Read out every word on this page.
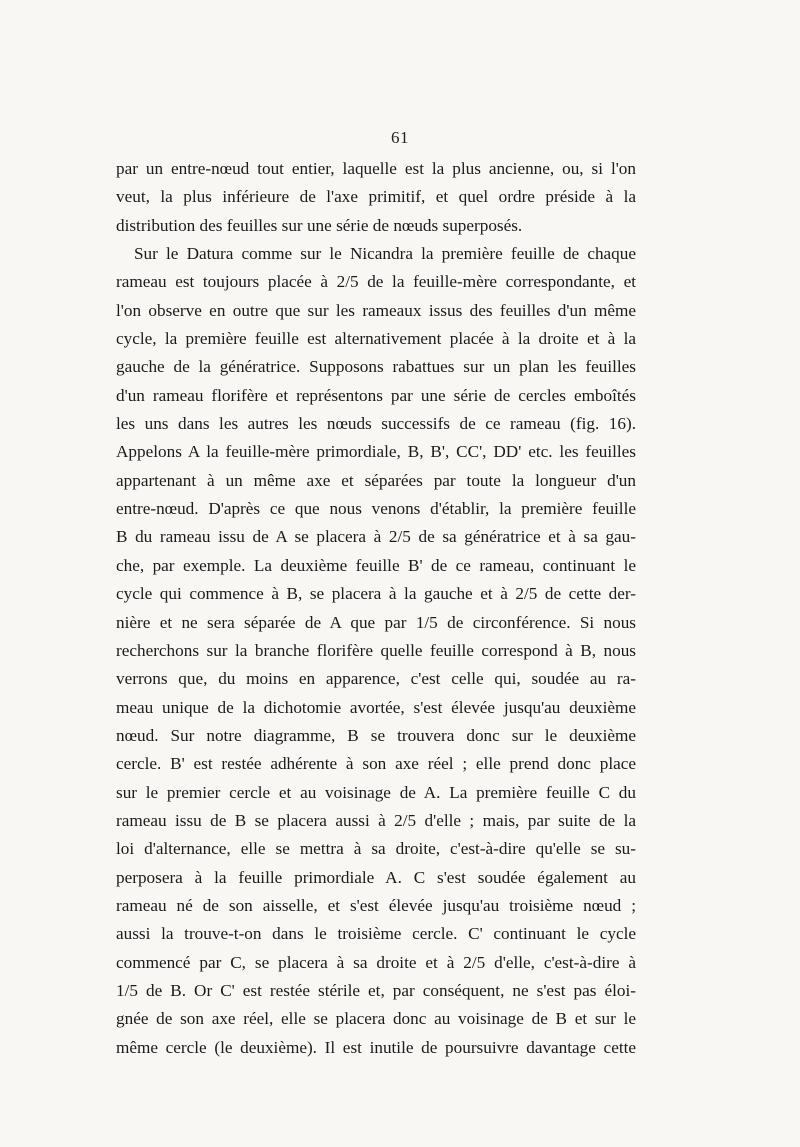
61
par un entre-nœud tout entier, laquelle est la plus ancienne, ou, si l'on
veut, la plus inférieure de l'axe primitif, et quel ordre préside à la
distribution des feuilles sur une série de nœuds superposés.
Sur le Datura comme sur le Nicandra la première feuille de chaque
rameau est toujours placée à 2/5 de la feuille-mère correspondante, et
l'on observe en outre que sur les rameaux issus des feuilles d'un même
cycle, la première feuille est alternativement placée à la droite et à la
gauche de la génératrice. Supposons rabattues sur un plan les feuilles
d'un rameau florifère et représentons par une série de cercles emboîtés
les uns dans les autres les nœuds successifs de ce rameau (fig. 16).
Appelons A la feuille-mère primordiale, B, B', CC', DD' etc. les feuilles
appartenant à un même axe et séparées par toute la longueur d'un
entre-nœud. D'après ce que nous venons d'établir, la première feuille
B du rameau issu de A se placera à 2/5 de sa génératrice et à sa gau-
che, par exemple. La deuxième feuille B' de ce rameau, continuant le
cycle qui commence à B, se placera à la gauche et à 2/5 de cette der-
nière et ne sera séparée de A que par 1/5 de circonférence. Si nous
recherchons sur la branche florifère quelle feuille correspond à B, nous
verrons que, du moins en apparence, c'est celle qui, soudée au ra-
meau unique de la dichotomie avortée, s'est élevée jusqu'au deuxième
nœud. Sur notre diagramme, B se trouvera donc sur le deuxième
cercle. B' est restée adhérente à son axe réel ; elle prend donc place
sur le premier cercle et au voisinage de A. La première feuille C du
rameau issu de B se placera aussi à 2/5 d'elle ; mais, par suite de la
loi d'alternance, elle se mettra à sa droite, c'est-à-dire qu'elle se su-
perposera à la feuille primordiale A. C s'est soudée également au
rameau né de son aisselle, et s'est élevée jusqu'au troisième nœud ;
aussi la trouve-t-on dans le troisième cercle. C' continuant le cycle
commencé par C, se placera à sa droite et à 2/5 d'elle, c'est-à-dire à
1/5 de B. Or C' est restée stérile et, par conséquent, ne s'est pas éloi-
gnée de son axe réel, elle se placera donc au voisinage de B et sur le
même cercle (le deuxième). Il est inutile de poursuivre davantage cette
